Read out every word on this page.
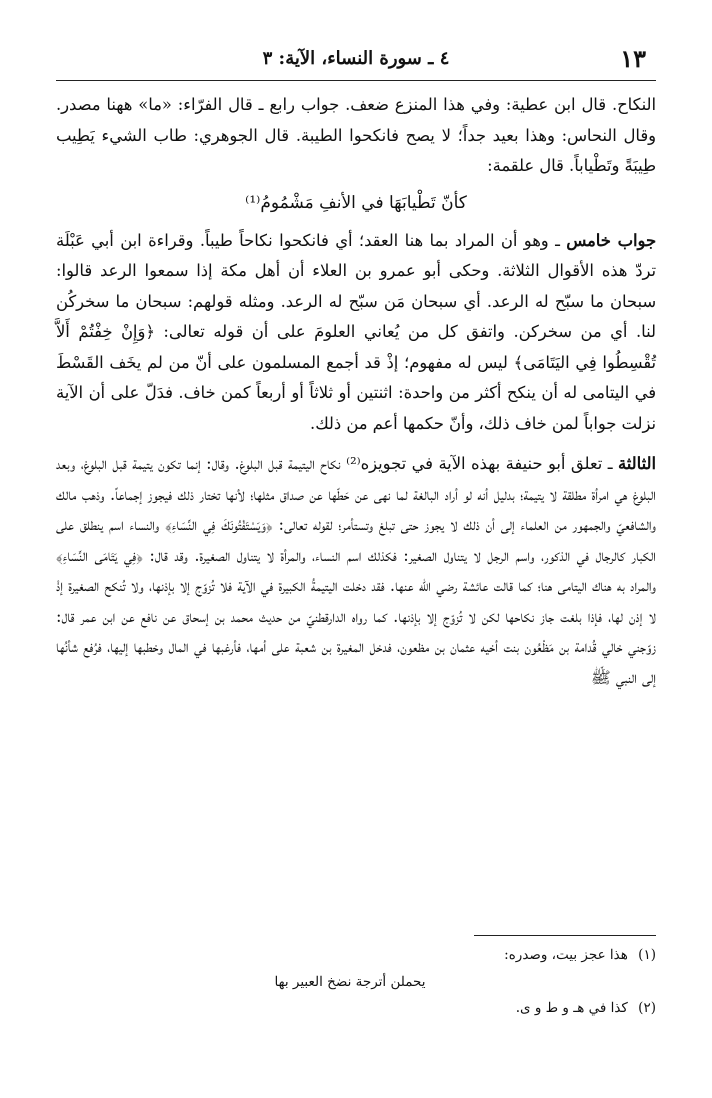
١٣
٤ ـ سورة النساء، الآية: ٣

النكاح. قال ابن عطية: وفي هذا المنزع ضعف. جواب رابع ـ قال الفرّاء: «ما» ههنا مصدر. وقال النحاس: وهذا بعيد جداً؛ لا يصح فانكحوا الطيبة. قال الجوهري: طاب الشيء يَطِيب طِيبَةً وتَطْياباً. قال علقمة:

كأنّ تَطْيابَهَا في الأنفِ مَشْمُومُ⁽¹⁾

جواب خامس ـ وهو أن المراد بما هنا العقد؛ أي فانكحوا نكاحاً طيباً. وقراءة ابن أبي عَبْلَة تردّ هذه الأقوال الثلاثة. وحكى أبو عمرو بن العلاء أن أهل مكة إذا سمعوا الرعد قالوا: سبحان ما سبّح له الرعد. أي سبحان مَن سبّح له الرعد. ومثله قولهم: سبحان ما سخركُن لنا. أي من سخركن. واتفق كل من يُعاني العلومَ على أن قوله تعالى: ﴿وَإِنْ خِفْتُمْ أَلاَّ تُقْسِطُوا فِي اليَتَامَى﴾ ليس له مفهوم؛ إذْ قد أجمع المسلمون على أنّ من لم يخَف القَسْطَ في اليتامى له أن ينكح أكثر من واحدة: اثنتين أو ثلاثاً أو أربعاً كمن خاف. فدَلّ على أن الآية نزلت جواباً لمن خاف ذلك، وأنّ حكمها أعم من ذلك.

الثالثة ـ تعلق أبو حنيفة بهذه الآية في تجويزه⁽²⁾ نكاح اليتيمة قبل البلوغ. وقال: إنما تكون يتيمة قبل البلوغ، وبعد البلوغ هي امرأة مطلقة لا يتيمة؛ بدليل أنه لو أراد البالغة لما نهى عن حَطّها عن صداق مثلها؛ لأنها تختار ذلك فيجوز إجماعاً. وذهب مالك والشافعيّ والجمهور من العلماء إلى أن ذلك لا يجوز حتى تبلغ وتستأمر؛ لقوله تعالى: ﴿وَيَسْتَفْتُونَكَ فِي النِّسَاءِ﴾ والنساء اسم ينطلق على الكبار كالرجال في الذكور، واسم الرجل لا يتناول الصغير: فكذلك اسم النساء، والمرأة لا يتناول الصغيرة. وقد قال: ﴿فِي يَتَامَى النِّسَاءِ﴾ والمراد به هناك اليتامى هنا؛ كما قالت عائشة رضي الله عنها. فقد دخلت اليتيمةُ الكبيرة في الآية فلا تُزوّج إلا بإذنها، ولا تُنكح الصغيرة إذْ لا إذن لها، فإذا بلغت جاز نكاحها لكن لا تُزوّج إلا بإذنها. كما رواه الدارقطنيّ من حديث محمد بن إسحاق عن نافع عن ابن عمر قال: زوّجني خالي قُدامة بن مَظْعُون بنت أخيه عثمان بن مظعون، فدخل المغيرة بن شعبة على أمها، فأرغبها في المال وخطبها إليها، فرُفع شأنُها إلى النبي ﷺ

(١) هذا عجز بيت، وصدره:
يحملن أترجة نضخ العبير بها
(٢) كذا في هـ و ط و ى.
